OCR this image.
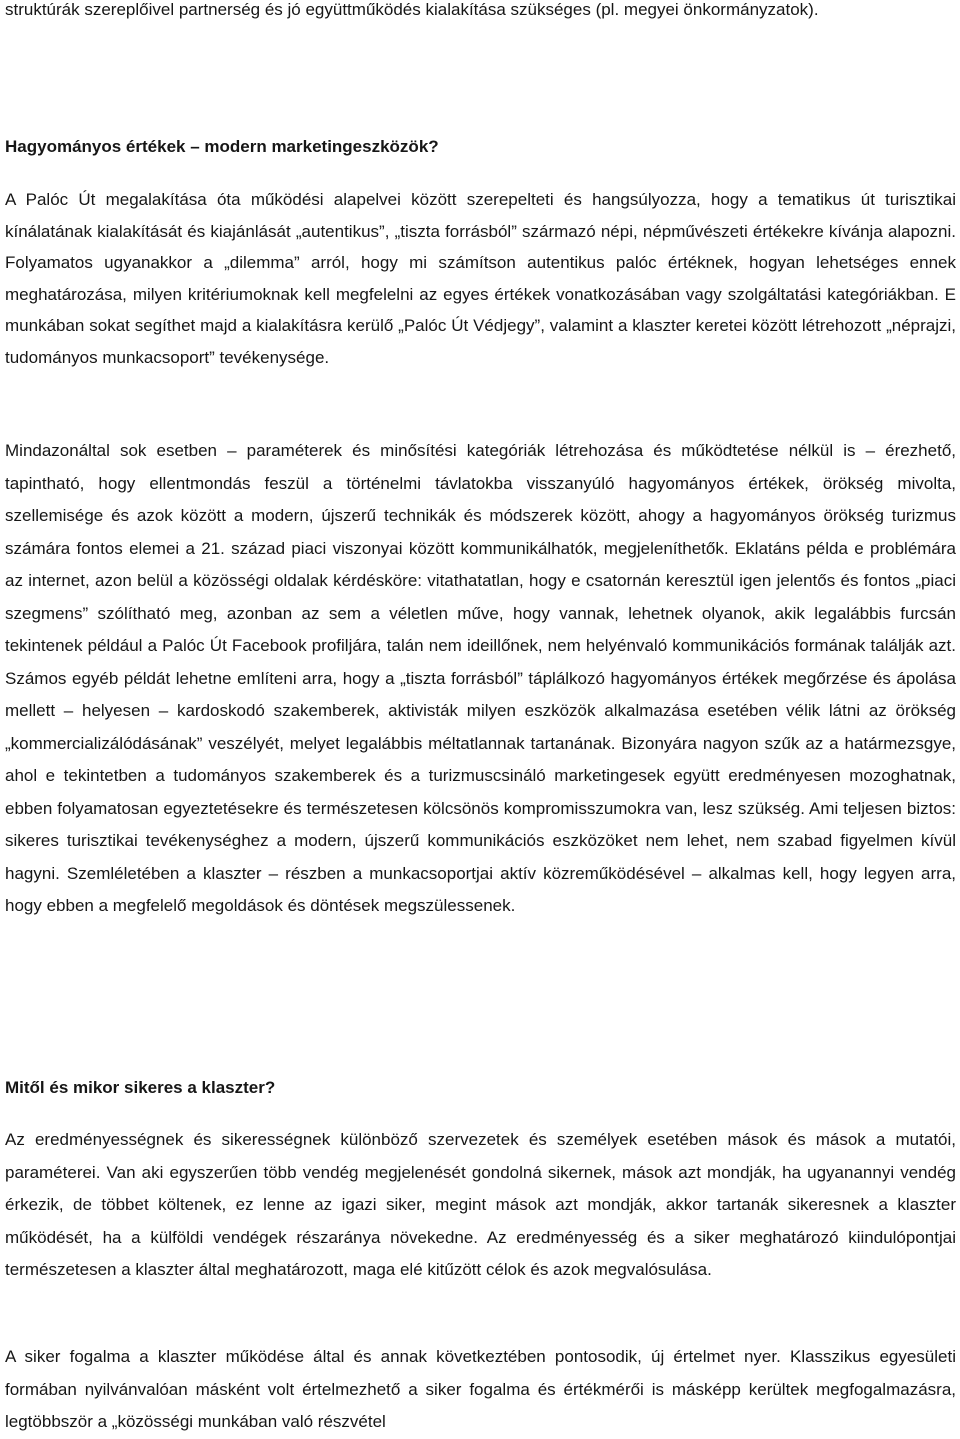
struktúrák szereplőivel partnerség és jó együttműködés kialakítása szükséges (pl. megyei önkormányzatok).

Hagyományos értékek – modern marketingeszközök?

A Palóc Út megalakítása óta működési alapelvei között szerepelteti és hangsúlyozza, hogy a tematikus út turisztikai kínálatának kialakítását és kiajánlását „autentikus”, „tiszta forrásból” származó népi, népművészeti értékekre kívánja alapozni. Folyamatos ugyanakkor a „dilemma” arról, hogy mi számítson autentikus palóc értéknek, hogyan lehetséges ennek meghatározása, milyen kritériumoknak kell megfelelni az egyes értékek vonatkozásában vagy szolgáltatási kategóriákban. E munkában sokat segíthet majd a kialakításra kerülő „Palóc Út Védjegy”, valamint a klaszter keretei között létrehozott „néprajzi, tudományos munkacsoport” tevékenysége.

Mindazonáltal sok esetben – paraméterek és minősítési kategóriák létrehozása és működtetése nélkül is – érezhető, tapintható, hogy ellentmondás feszül a történelmi távlatokba visszanyúló hagyományos értékek, örökség mivolta, szellemisége és azok között a modern, újszerű technikák és módszerek között, ahogy a hagyományos örökség turizmus számára fontos elemei a 21. század piaci viszonyai között kommunikálhatók, megjeleníthetők. Eklatáns példa e problémára az internet, azon belül a közösségi oldalak kérdésköre: vitathatatlan, hogy e csatornán keresztül igen jelentős és fontos „piaci szegmens” szólítható meg, azonban az sem a véletlen műve, hogy vannak, lehetnek olyanok, akik legalábbis furcsán tekintenek például a Palóc Út Facebook profiljára, talán nem ideillőnek, nem helyénvaló kommunikációs formának találják azt. Számos egyéb példát lehetne említeni arra, hogy a „tiszta forrásból” táplálkozó hagyományos értékek megőrzése és ápolása mellett – helyesen – kardoskodó szakemberek, aktivisták milyen eszközök alkalmazása esetében vélik látni az örökség „kommercializálódásának” veszélyét, melyet legalábbis méltatlannak tartanának. Bizonyára nagyon szűk az a határmezsgye, ahol e tekintetben a tudományos szakemberek és a turizmuscsináló marketingesek együtt eredményesen mozoghatnak, ebben folyamatosan egyeztetésekre és természetesen kölcsönös kompromisszumokra van, lesz szükség. Ami teljesen biztos: sikeres turisztikai tevékenységhez a modern, újszerű kommunikációs eszközöket nem lehet, nem szabad figyelmen kívül hagyni. Szemléletében a klaszter – részben a munkacsoportjai aktív közreműködésével – alkalmas kell, hogy legyen arra, hogy ebben a megfelelő megoldások és döntések megszülessenek.

Mitől és mikor sikeres a klaszter?

Az eredményességnek és sikerességnek különböző szervezetek és személyek esetében mások és mások a mutatói, paraméterei. Van aki egyszerűen több vendég megjelenését gondolná sikernek, mások azt mondják, ha ugyanannyi vendég érkezik, de többet költenek, ez lenne az igazi siker, megint mások azt mondják, akkor tartanák sikeresnek a klaszter működését, ha a külföldi vendégek részaránya növekedne. Az eredményesség és a siker meghatározó kiindulópontjai természetesen a klaszter által meghatározott, maga elé kitűzött célok és azok megvalósulása.

A siker fogalma a klaszter működése által és annak következtében pontosodik, új értelmet nyer. Klasszikus egyesületi formában nyilvánvalóan másként volt értelmezhető a siker fogalma és értékmérői is másképp kerültek megfogalmazásra, legtöbbször a „közösségi munkában való részvétel
